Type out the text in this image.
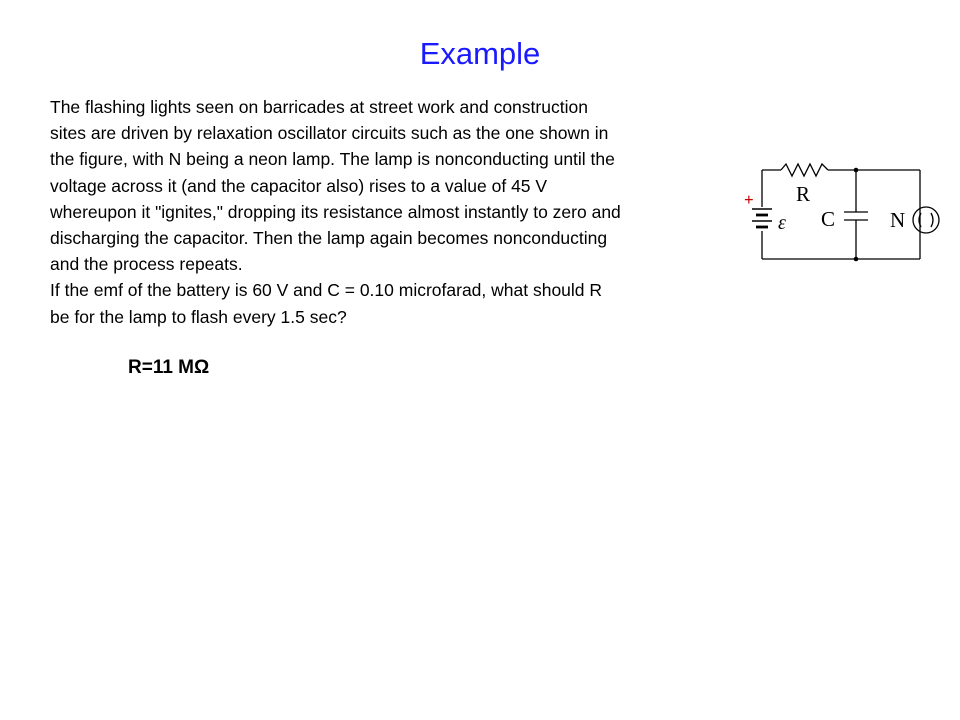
Example
The flashing lights seen on barricades at street work and construction
sites are driven by relaxation oscillator circuits such as the one shown in
the figure, with N being a neon lamp. The lamp is nonconducting until the
voltage across it (and the capacitor also) rises to a value of 45 V
whereupon it "ignites," dropping its resistance almost instantly to zero and
discharging the capacitor. Then the lamp again becomes nonconducting
and the process repeats.
If the emf of the battery is 60 V and C = 0.10 microfarad, what should R
be for the lamp to flash every 1.5 sec?
R=11 MΩ
+
ε
R
C	N
